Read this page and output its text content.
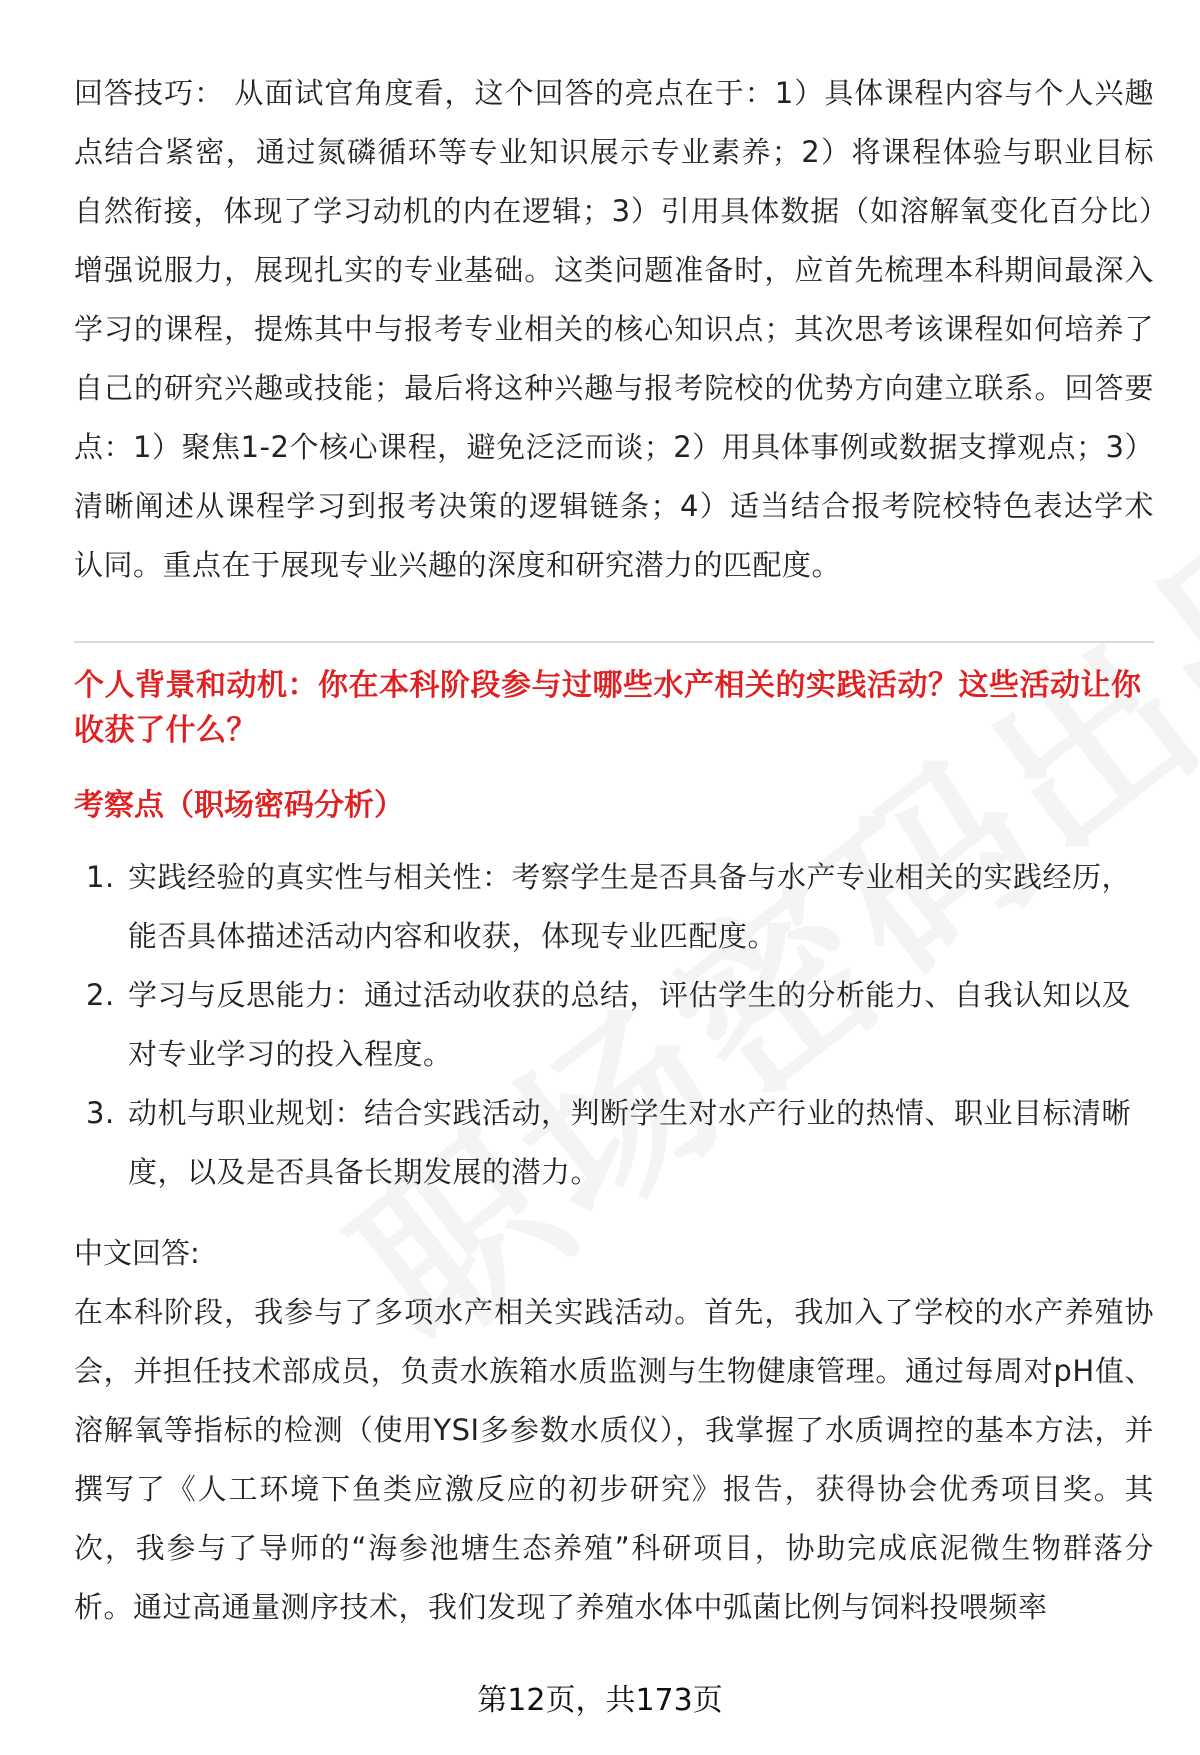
回答技巧： 从面试官角度看，这个回答的亮点在于：1）具体课程内容与个人兴趣点结合紧密，通过氮磷循环等专业知识展示专业素养；2）将课程体验与职业目标自然衔接，体现了学习动机的内在逻辑；3）引用具体数据（如溶解氧变化百分比）增强说服力，展现扎实的专业基础。这类问题准备时，应首先梳理本科期间最深入学习的课程，提炼其中与报考专业相关的核心知识点；其次思考该课程如何培养了自己的研究兴趣或技能；最后将这种兴趣与报考院校的优势方向建立联系。回答要点：1）聚焦1-2个核心课程，避免泛泛而谈；2）用具体事例或数据支撑观点；3）清晰阐述从课程学习到报考决策的逻辑链条；4）适当结合报考院校特色表达学术认同。重点在于展现专业兴趣的深度和研究潜力的匹配度。

个人背景和动机：你在本科阶段参与过哪些水产相关的实践活动？这些活动让你收获了什么？

考察点（职场密码分析）

1. 实践经验的真实性与相关性：考察学生是否具备与水产专业相关的实践经历，能否具体描述活动内容和收获，体现专业匹配度。
2. 学习与反思能力：通过活动收获的总结，评估学生的分析能力、自我认知以及对专业学习的投入程度。
3. 动机与职业规划：结合实践活动，判断学生对水产行业的热情、职业目标清晰度，以及是否具备长期发展的潜力。

中文回答:

在本科阶段，我参与了多项水产相关实践活动。首先，我加入了学校的水产养殖协会，并担任技术部成员，负责水族箱水质监测与生物健康管理。通过每周对pH值、溶解氧等指标的检测（使用YSI多参数水质仪），我掌握了水质调控的基本方法，并撰写了《人工环境下鱼类应激反应的初步研究》报告，获得协会优秀项目奖。其次，我参与了导师的“海参池塘生态养殖”科研项目，协助完成底泥微生物群落分析。通过高通量测序技术，我们发现了养殖水体中弧菌比例与饲料投喂频率

第12页，共173页
